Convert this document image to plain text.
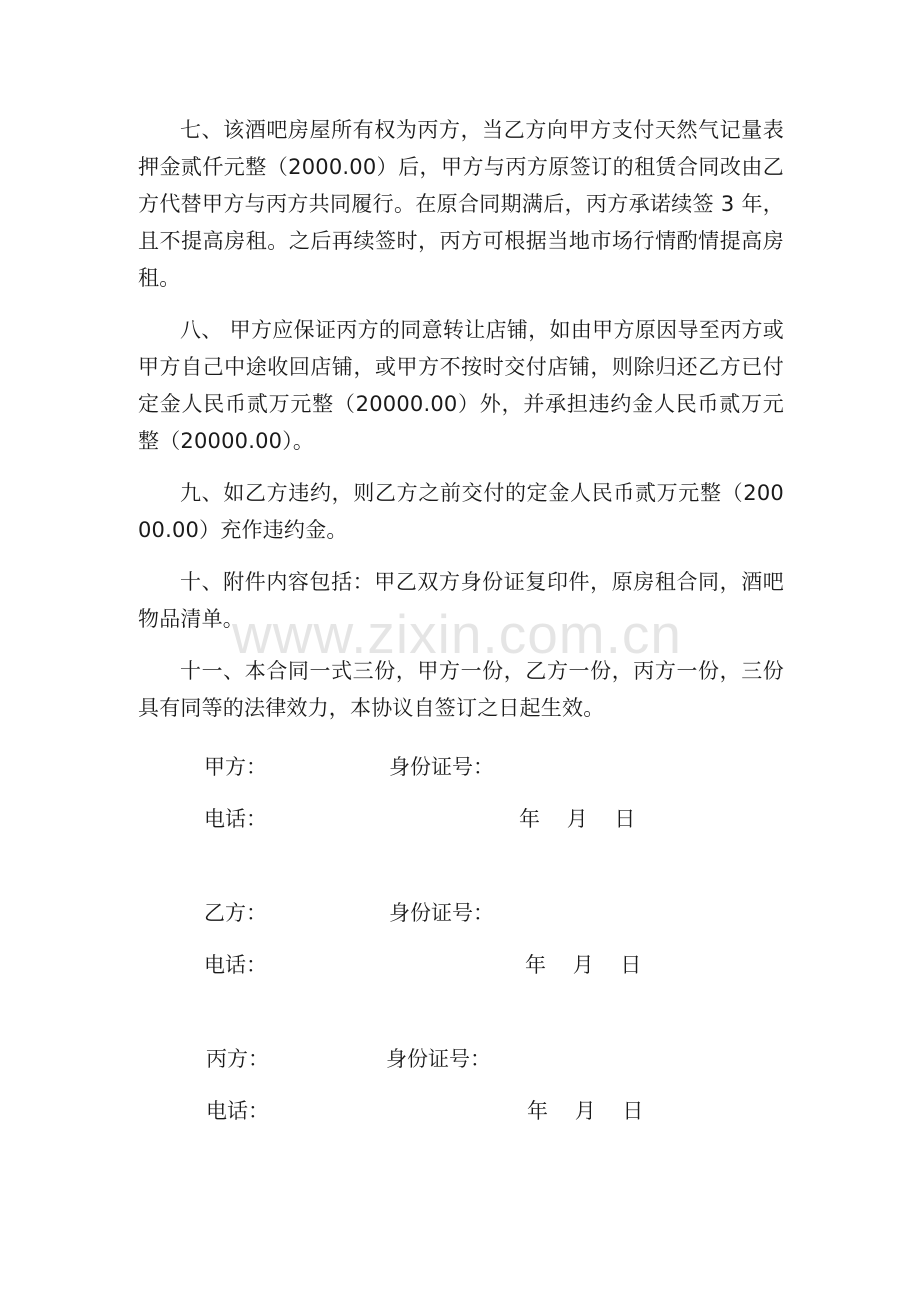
七、该酒吧房屋所有权为丙方，当乙方向甲方支付天然气记量表押金贰仟元整（2000.00）后，甲方与丙方原签订的租赁合同改由乙方代替甲方与丙方共同履行。在原合同期满后，丙方承诺续签 3 年，且不提高房租。之后再续签时，丙方可根据当地市场行情酌情提高房租。

八、 甲方应保证丙方的同意转让店铺，如由甲方原因导至丙方或甲方自己中途收回店铺，或甲方不按时交付店铺，则除归还乙方已付定金人民币贰万元整（20000.00）外，并承担违约金人民币贰万元整（20000.00）。

九、如乙方违约，则乙方之前交付的定金人民币贰万元整（20000.00）充作违约金。

十、附件内容包括：甲乙双方身份证复印件，原房租合同，酒吧物品清单。

十一、本合同一式三份，甲方一份，乙方一份，丙方一份，三份具有同等的法律效力，本协议自签订之日起生效。

甲方：	身份证号：
电话：	年    月    日
乙方：	身份证号：
电话：	年    月    日
丙方：	身份证号：
电话：	年    月    日
www.zixin.com.cn
